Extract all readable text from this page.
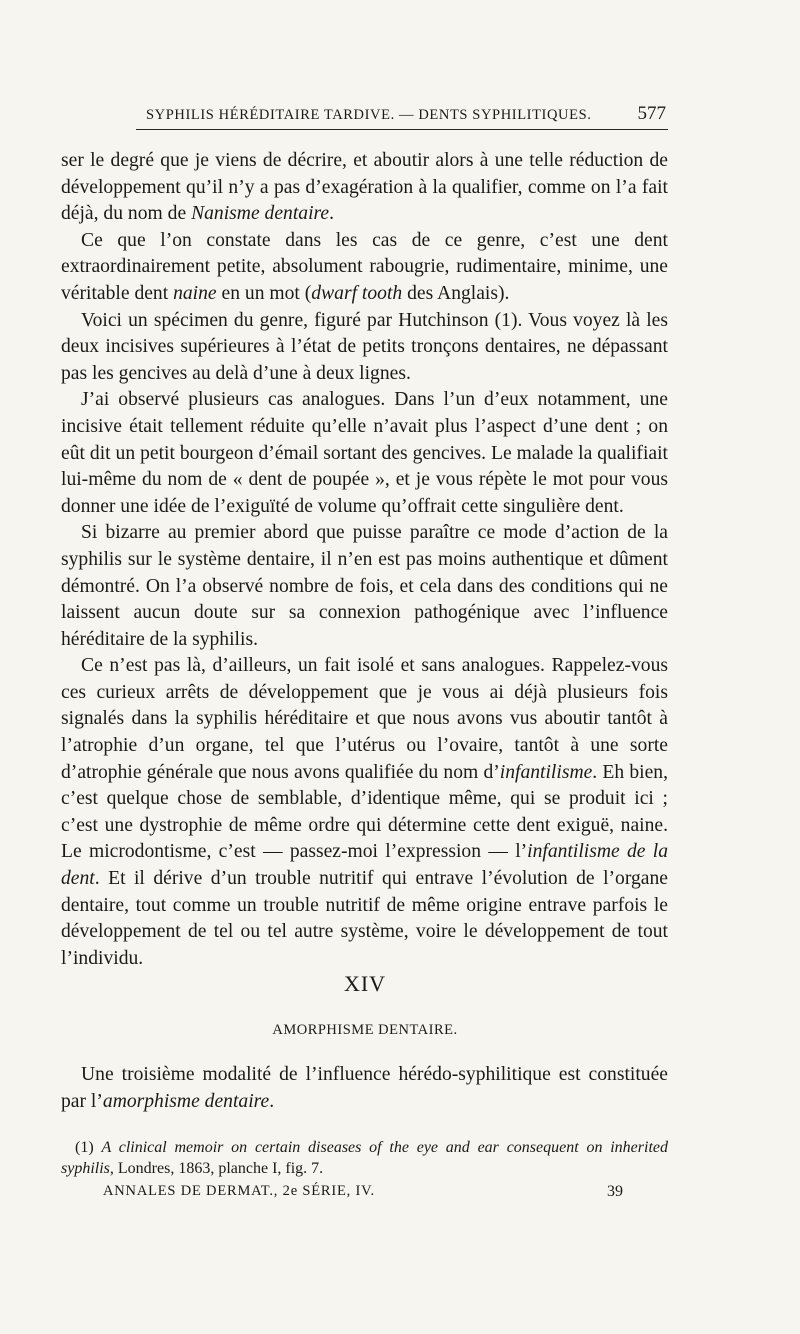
SYPHILIS HÉRÉDITAIRE TARDIVE. — DENTS SYPHILITIQUES. 577

ser le degré que je viens de décrire, et aboutir alors à une telle réduction de développement qu’il n’y a pas d’exagération à la qualifier, comme on l’a fait déjà, du nom de Nanisme dentaire.

Ce que l’on constate dans les cas de ce genre, c’est une dent extraordinairement petite, absolument rabougrie, rudimentaire, minime, une véritable dent naine en un mot (dwarf tooth des Anglais).

Voici un spécimen du genre, figuré par Hutchinson (1). Vous voyez là les deux incisives supérieures à l’état de petits tronçons dentaires, ne dépassant pas les gencives au delà d’une à deux lignes.

J’ai observé plusieurs cas analogues. Dans l’un d’eux notamment, une incisive était tellement réduite qu’elle n’avait plus l’aspect d’une dent ; on eût dit un petit bourgeon d’émail sortant des gencives. Le malade la qualifiait lui-même du nom de « dent de poupée », et je vous répète le mot pour vous donner une idée de l’exiguïté de volume qu’offrait cette singulière dent.

Si bizarre au premier abord que puisse paraître ce mode d’action de la syphilis sur le système dentaire, il n’en est pas moins authentique et dûment démontré. On l’a observé nombre de fois, et cela dans des conditions qui ne laissent aucun doute sur sa connexion pathogénique avec l’influence héréditaire de la syphilis.

Ce n’est pas là, d’ailleurs, un fait isolé et sans analogues. Rappelez-vous ces curieux arrêts de développement que je vous ai déjà plusieurs fois signalés dans la syphilis héréditaire et que nous avons vus aboutir tantôt à l’atrophie d’un organe, tel que l’utérus ou l’ovaire, tantôt à une sorte d’atrophie générale que nous avons qualifiée du nom d’infantilisme. Eh bien, c’est quelque chose de semblable, d’identique même, qui se produit ici ; c’est une dystrophie de même ordre qui détermine cette dent exiguë, naine. Le microdontisme, c’est — passez-moi l’expression — l’infantilisme de la dent. Et il dérive d’un trouble nutritif qui entrave l’évolution de l’organe dentaire, tout comme un trouble nutritif de même origine entrave parfois le développement de tel ou tel autre système, voire le développement de tout l’individu.

XIV
AMORPHISME DENTAIRE.

Une troisième modalité de l’influence hérédo-syphilitique est constituée par l’amorphisme dentaire.

(1) A clinical memoir on certain diseases of the eye and ear consequent on inherited syphilis, Londres, 1863, planche I, fig. 7.

ANNALES DE DERMAT., 2e SÉRIE, IV.	39
